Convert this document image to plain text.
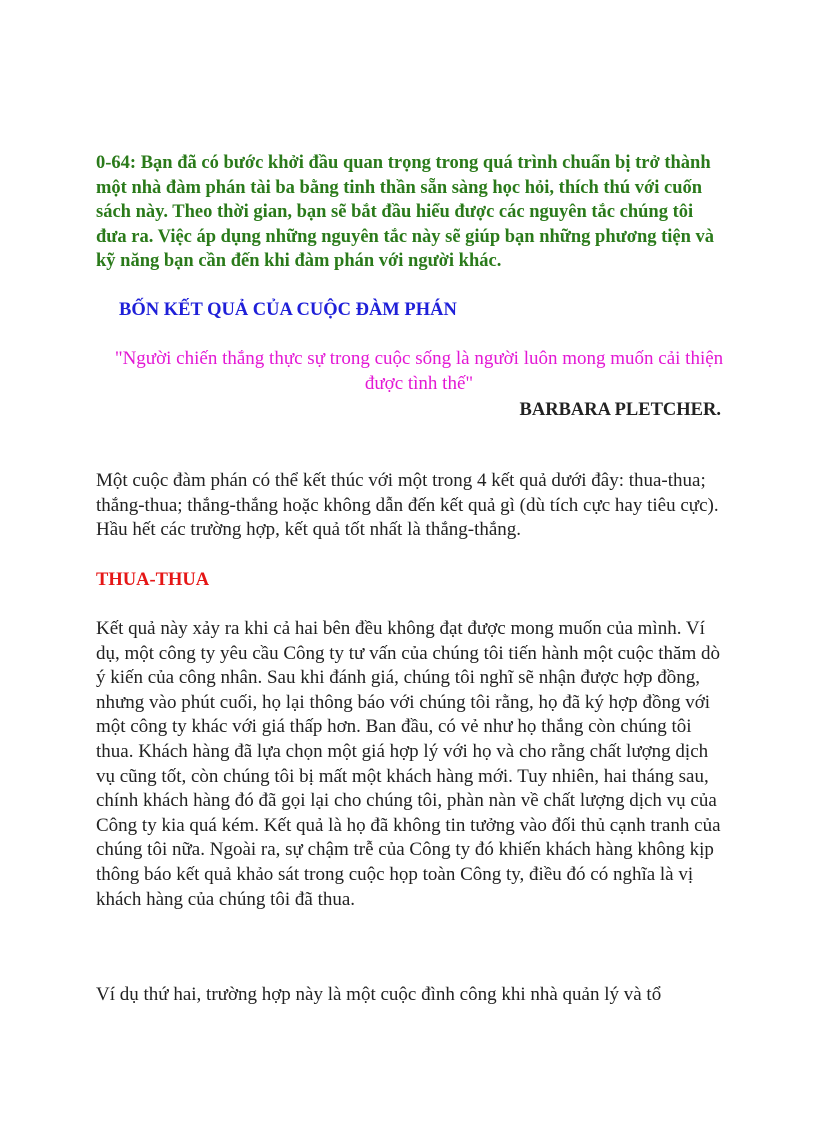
0-64: Bạn đã có bước khởi đầu quan trọng trong quá trình chuẩn bị trở thành một nhà đàm phán tài ba bằng tinh thần sẵn sàng học hỏi, thích thú với cuốn sách này. Theo thời gian, bạn sẽ bắt đầu hiểu được các nguyên tắc chúng tôi đưa ra. Việc áp dụng những nguyên tắc này sẽ giúp bạn những phương tiện và kỹ năng bạn cần đến khi đàm phán với người khác.

BỐN KẾT QUẢ CỦA CUỘC ĐÀM PHÁN

"Người chiến thắng thực sự trong cuộc sống là người luôn mong muốn cải thiện được tình thế"

BARBARA PLETCHER.

Một cuộc đàm phán có thể kết thúc với một trong 4 kết quả dưới đây: thua-thua; thắng-thua; thắng-thắng hoặc không dẫn đến kết quả gì (dù tích cực hay tiêu cực). Hầu hết các trường hợp, kết quả tốt nhất là thắng-thắng.

THUA-THUA

Kết quả này xảy ra khi cả hai bên đều không đạt được mong muốn của mình. Ví dụ, một công ty yêu cầu Công ty tư vấn của chúng tôi tiến hành một cuộc thăm dò ý kiến của công nhân. Sau khi đánh giá, chúng tôi nghĩ sẽ nhận được hợp đồng, nhưng vào phút cuối, họ lại thông báo với chúng tôi rằng, họ đã ký hợp đồng với một công ty khác với giá thấp hơn. Ban đầu, có vẻ như họ thắng còn chúng tôi thua. Khách hàng đã lựa chọn một giá hợp lý với họ và cho rằng chất lượng dịch vụ cũng tốt, còn chúng tôi bị mất một khách hàng mới. Tuy nhiên, hai tháng sau, chính khách hàng đó đã gọi lại cho chúng tôi, phàn nàn về chất lượng dịch vụ của Công ty kia quá kém. Kết quả là họ đã không tin tưởng vào đối thủ cạnh tranh của chúng tôi nữa. Ngoài ra, sự chậm trễ của Công ty đó khiến khách hàng không kịp thông báo kết quả khảo sát trong cuộc họp toàn Công ty, điều đó có nghĩa là vị khách hàng của chúng tôi đã thua.

Ví dụ thứ hai, trường hợp này là một cuộc đình công khi nhà quản lý và tổ
